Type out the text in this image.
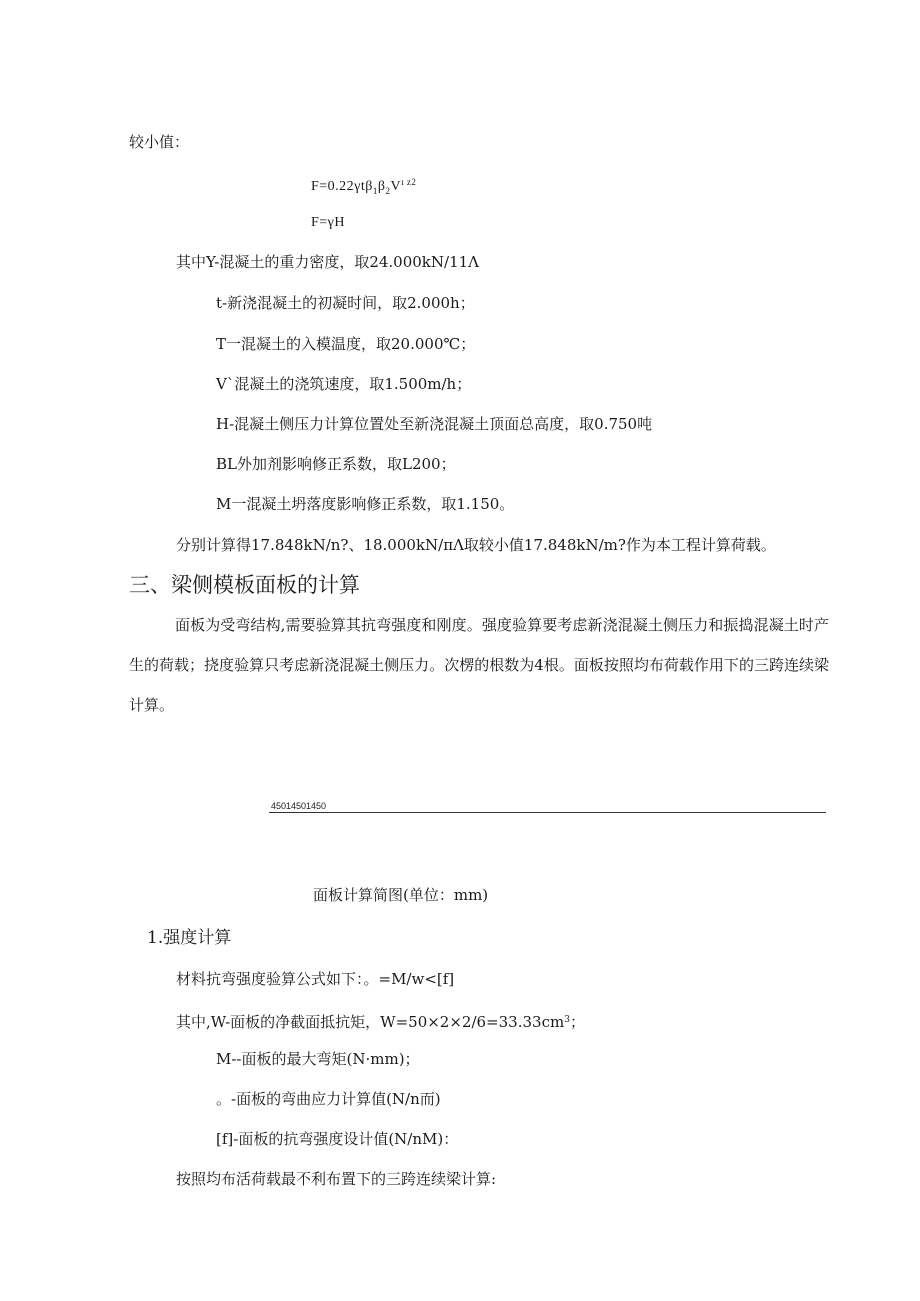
较小值：
$F=0.22\gamma t\beta_1\beta_2V^{ɪ z2}$
F=γH
其中Y-混凝土的重力密度，取24.000kN/11Λ
t-新浇混凝土的初凝时间，取2.000h；
T一混凝土的入模温度，取20.000℃；
V`混凝土的浇筑速度，取1.500m/h；
H-混凝土侧压力计算位置处至新浇混凝土顶面总高度，取0.750吨
BL外加剂影响修正系数，取L200；
M一混凝土坍落度影响修正系数，取1.150。
分别计算得17.848kN/n?、18.000kN/πΛ取较小值17.848kN/m?作为本工程计算荷载。
三、梁侧模板面板的计算
面板为受弯结构,需要验算其抗弯强度和刚度。强度验算要考虑新浇混凝土侧压力和振捣混凝土时产生的荷载；挠度验算只考虑新浇混凝土侧压力。次楞的根数为4根。面板按照均布荷载作用下的三跨连续梁计算。
45014501450
面板计算简图(单位：mm)
1.强度计算
材料抗弯强度验算公式如下：。=M/w<[f]
其中,W-面板的净截面抵抗矩，$W=50\times 2\times 2/6=33.33cm^3$；
M--面板的最大弯矩(N·mm)；
。-面板的弯曲应力计算值(N/n而)
[f]-面板的抗弯强度设计值(N/nM)：
按照均布活荷载最不利布置下的三跨连续梁计算:
